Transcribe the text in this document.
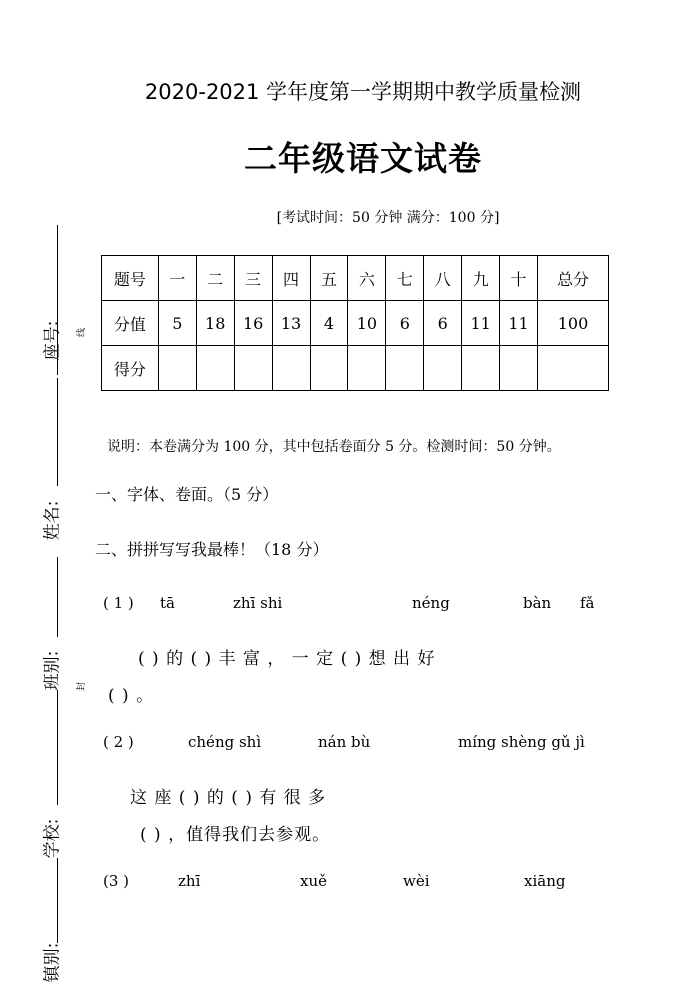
座号:
姓名:
班别:
学校:
镇别:
线
封
2020-2021 学年度第一学期期中教学质量检测
二年级语文试卷
[考试时间：50 分钟 满分：100 分]
题号	一	二	三	四	五	六	七	八	九	十	总分
分值	5	18	16	13	4	10	6	6	11	11	100
得分											
说明：本卷满分为 100 分，其中包括卷面分 5 分。检测时间：50 分钟。
一、字体、卷面。（5 分）
二、拼拼写写我最棒！（18 分）
( 1 ) tā	zhī shi	néng	bàn fǎ
( ) 的 ( ) 丰 富 ， 一 定 ( ) 想 出 好
( ) 。
( 2 )	chéng shì	nán bù	míng shèng gǔ jì
这 座 ( ) 的 ( ) 有 很 多
( ) ，值得我们去参观。
(3 )	zhī	xuě	wèi	xiāng
